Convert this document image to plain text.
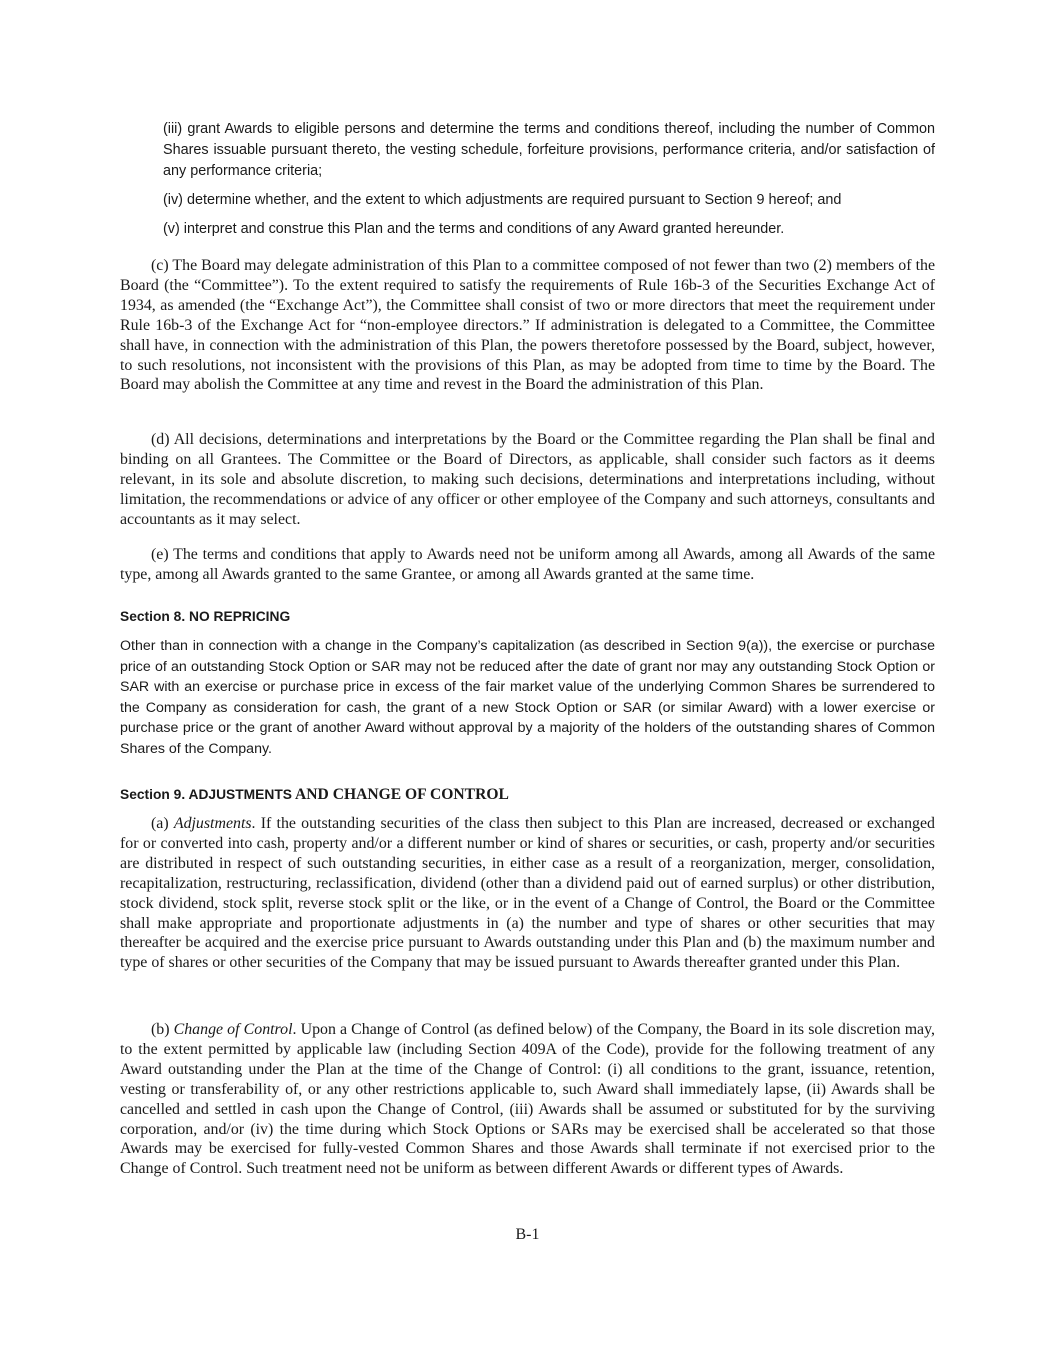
(iii) grant Awards to eligible persons and determine the terms and conditions thereof, including the number of Common Shares issuable pursuant thereto, the vesting schedule, forfeiture provisions, performance criteria, and/or satisfaction of any performance criteria;
(iv) determine whether, and the extent to which adjustments are required pursuant to Section 9 hereof; and
(v) interpret and construe this Plan and the terms and conditions of any Award granted hereunder.
(c) The Board may delegate administration of this Plan to a committee composed of not fewer than two (2) members of the Board (the “Committee”). To the extent required to satisfy the requirements of Rule 16b-3 of the Securities Exchange Act of 1934, as amended (the “Exchange Act”), the Committee shall consist of two or more directors that meet the requirement under Rule 16b-3 of the Exchange Act for “non-employee directors.” If administration is delegated to a Committee, the Committee shall have, in connection with the administration of this Plan, the powers theretofore possessed by the Board, subject, however, to such resolutions, not inconsistent with the provisions of this Plan, as may be adopted from time to time by the Board. The Board may abolish the Committee at any time and revest in the Board the administration of this Plan.
(d) All decisions, determinations and interpretations by the Board or the Committee regarding the Plan shall be final and binding on all Grantees. The Committee or the Board of Directors, as applicable, shall consider such factors as it deems relevant, in its sole and absolute discretion, to making such decisions, determinations and interpretations including, without limitation, the recommendations or advice of any officer or other employee of the Company and such attorneys, consultants and accountants as it may select.
(e) The terms and conditions that apply to Awards need not be uniform among all Awards, among all Awards of the same type, among all Awards granted to the same Grantee, or among all Awards granted at the same time.
Section 8. NO REPRICING
Other than in connection with a change in the Company’s capitalization (as described in Section 9(a)), the exercise or purchase price of an outstanding Stock Option or SAR may not be reduced after the date of grant nor may any outstanding Stock Option or SAR with an exercise or purchase price in excess of the fair market value of the underlying Common Shares be surrendered to the Company as consideration for cash, the grant of a new Stock Option or SAR (or similar Award) with a lower exercise or purchase price or the grant of another Award without approval by a majority of the holders of the outstanding shares of Common Shares of the Company.
Section 9. ADJUSTMENTS AND CHANGE OF CONTROL
(a) Adjustments. If the outstanding securities of the class then subject to this Plan are increased, decreased or exchanged for or converted into cash, property and/or a different number or kind of shares or securities, or cash, property and/or securities are distributed in respect of such outstanding securities, in either case as a result of a reorganization, merger, consolidation, recapitalization, restructuring, reclassification, dividend (other than a dividend paid out of earned surplus) or other distribution, stock dividend, stock split, reverse stock split or the like, or in the event of a Change of Control, the Board or the Committee shall make appropriate and proportionate adjustments in (a) the number and type of shares or other securities that may thereafter be acquired and the exercise price pursuant to Awards outstanding under this Plan and (b) the maximum number and type of shares or other securities of the Company that may be issued pursuant to Awards thereafter granted under this Plan.
(b) Change of Control. Upon a Change of Control (as defined below) of the Company, the Board in its sole discretion may, to the extent permitted by applicable law (including Section 409A of the Code), provide for the following treatment of any Award outstanding under the Plan at the time of the Change of Control: (i) all conditions to the grant, issuance, retention, vesting or transferability of, or any other restrictions applicable to, such Award shall immediately lapse, (ii) Awards shall be cancelled and settled in cash upon the Change of Control, (iii) Awards shall be assumed or substituted for by the surviving corporation, and/or (iv) the time during which Stock Options or SARs may be exercised shall be accelerated so that those Awards may be exercised for fully-vested Common Shares and those Awards shall terminate if not exercised prior to the Change of Control. Such treatment need not be uniform as between different Awards or different types of Awards.
B-1
